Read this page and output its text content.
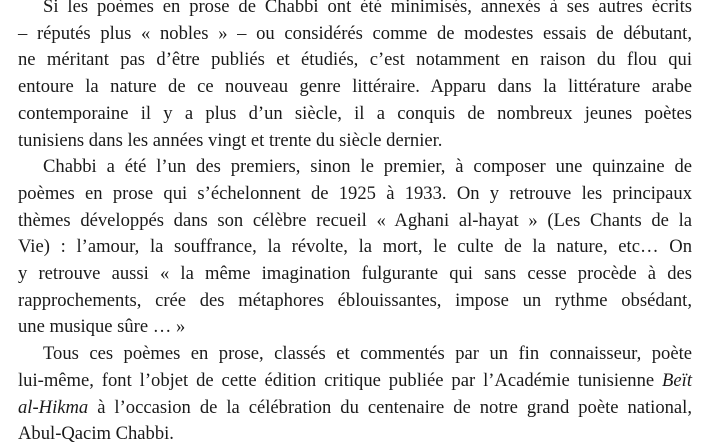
Si les poèmes en prose de Chabbi ont été minimisés, annexés à ses autres écrits
– réputés plus « nobles » – ou considérés comme de modestes essais de débutant,
ne méritant pas d’être publiés et étudiés, c’est notamment en raison du flou qui
entoure la nature de ce nouveau genre littéraire. Apparu dans la littérature arabe
contemporaine il y a plus d’un siècle, il a conquis de nombreux jeunes poètes
tunisiens dans les années vingt et trente du siècle dernier.
Chabbi a été l’un des premiers, sinon le premier, à composer une quinzaine de
poèmes en prose qui s’échelonnent de 1925 à 1933. On y retrouve les principaux
thèmes développés dans son célèbre recueil « Aghani al-hayat » (Les Chants de la
Vie) : l’amour, la souffrance, la révolte, la mort, le culte de la nature, etc… On
y retrouve aussi « la même imagination fulgurante qui sans cesse procède à des
rapprochements, crée des métaphores éblouissantes, impose un rythme obsédant,
une musique sûre … »
Tous ces poèmes en prose, classés et commentés par un fin connaisseur, poète
lui-même, font l’objet de cette édition critique publiée par l’Académie tunisienne Beït
al-Hikma à l’occasion de la célébration du centenaire de notre grand poète national,
Abul-Qacim Chabbi.
